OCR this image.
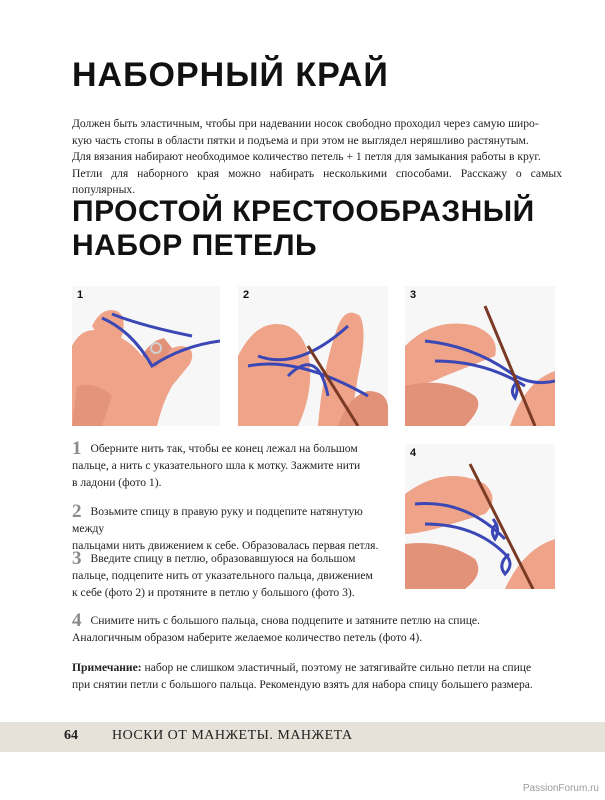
НАБОРНЫЙ КРАЙ

Должен быть эластичным, чтобы при надевании носок свободно проходил через самую широ-

кую часть стопы в области пятки и подъема и при этом не выглядел неряшливо растянутым.

Для вязания набирают необходимое количество петель + 1 петля для замыкания работы в круг.

Петли для наборного края можно набирать несколькими способами. Расскажу о самых популярных.

ПРОСТОЙ КРЕСТООБРАЗНЫЙ
НАБОР ПЕТЕЛЬ
1	2	3
4
1 Оберните нить так, чтобы ее конец лежал на большом
пальце, а нить с указательного шла к мотку. Зажмите нити
в ладони (фото 1).
2 Возьмите спицу в правую руку и подцепите натянутую между
пальцами нить движением к себе. Образовалась первая петля.
3 Введите спицу в петлю, образовавшуюся на большом
пальце, подцепите нить от указательного пальца, движением
к себе (фото 2) и протяните в петлю у большого (фото 3).
4 Снимите нить с большого пальца, снова подцепите и затяните петлю на спице.
Аналогичным образом наберите желаемое количество петель (фото 4).
Примечание: набор не слишком эластичный, поэтому не затягивайте сильно петли на спице
при снятии петли с большого пальца. Рекомендую взять для набора спицу большего размера.
64 НОСКИ ОТ МАНЖЕТЫ. МАНЖЕТА
PassionForum.ru
